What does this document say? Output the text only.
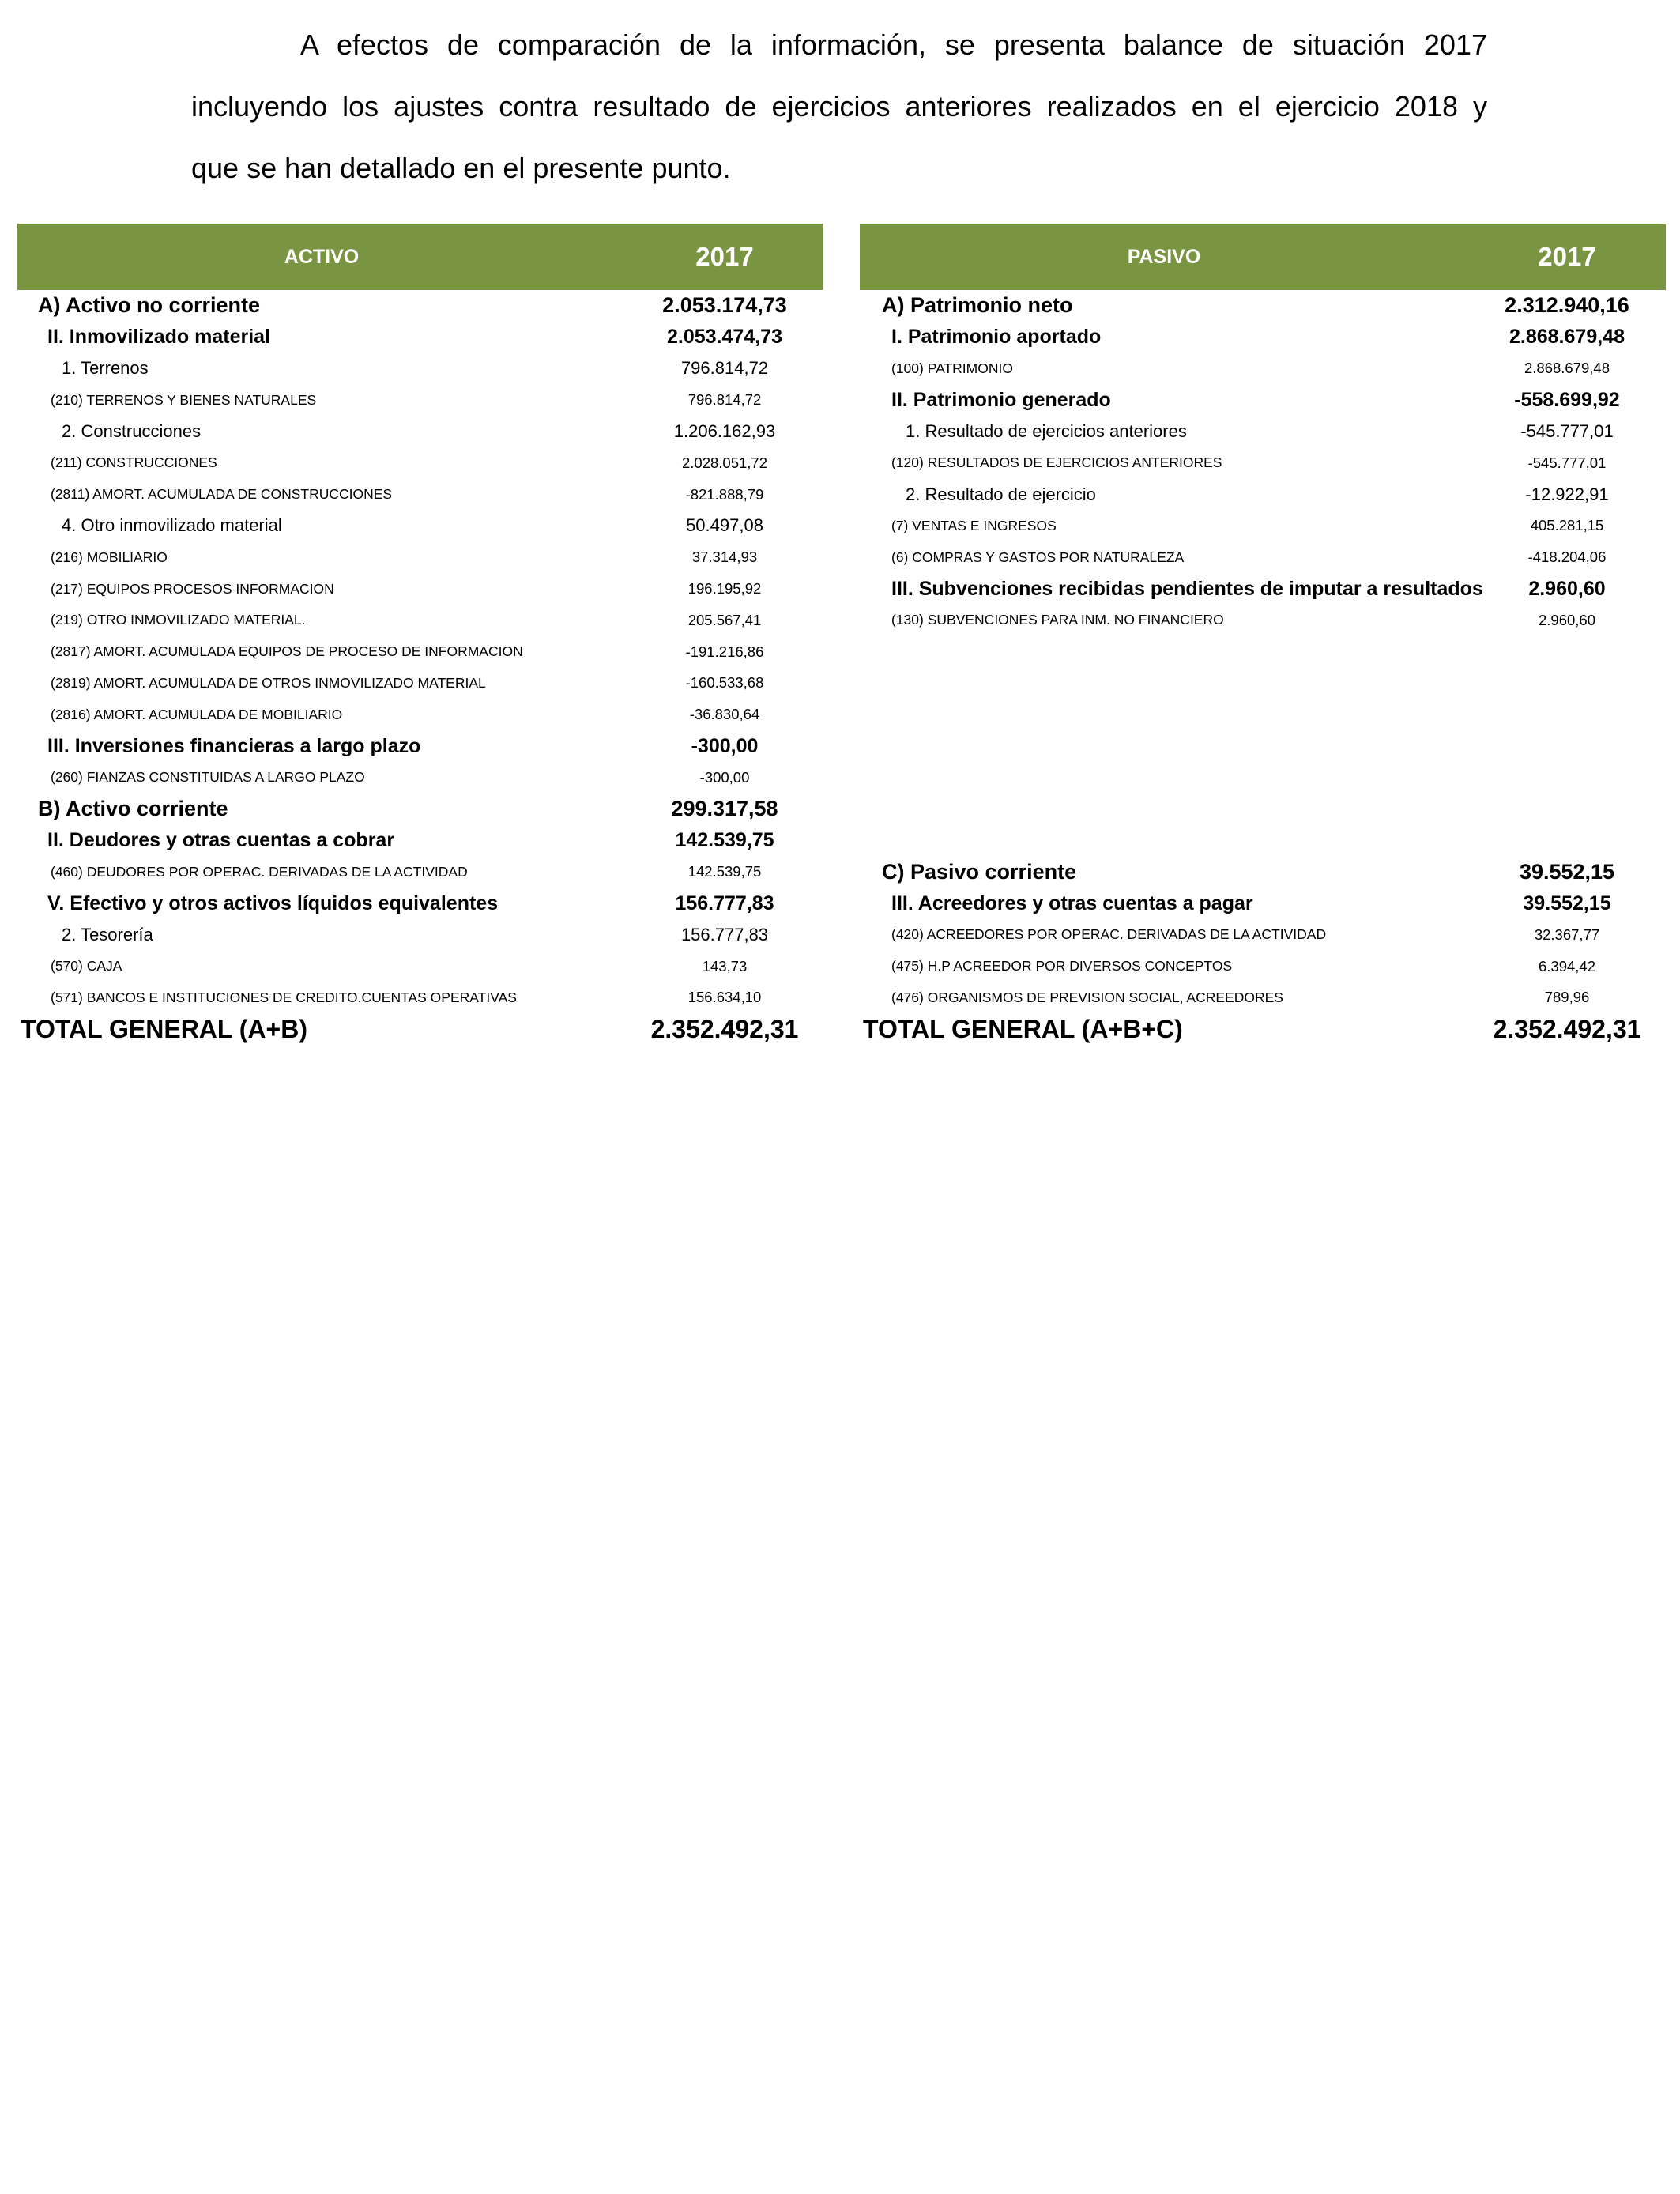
A efectos de comparación de la información, se presenta balance de situación 2017
incluyendo los ajustes contra resultado de ejercicios anteriores realizados en el ejercicio 2018 y
que se han detallado en el presente punto.
ACTIVO	2017
A) Activo no corriente	2.053.174,73
II. Inmovilizado material	2.053.474,73
1. Terrenos	796.814,72
(210) TERRENOS Y BIENES NATURALES	796.814,72
2. Construcciones	1.206.162,93
(211) CONSTRUCCIONES	2.028.051,72
(2811) AMORT. ACUMULADA DE CONSTRUCCIONES	-821.888,79
4. Otro inmovilizado material	50.497,08
(216) MOBILIARIO	37.314,93
(217) EQUIPOS PROCESOS INFORMACION	196.195,92
(219) OTRO INMOVILIZADO MATERIAL.	205.567,41
(2817) AMORT. ACUMULADA EQUIPOS DE PROCESO DE INFORMACION	-191.216,86
(2819) AMORT. ACUMULADA DE OTROS INMOVILIZADO MATERIAL	-160.533,68
(2816) AMORT. ACUMULADA DE MOBILIARIO	-36.830,64
III. Inversiones financieras a largo plazo	-300,00
(260) FIANZAS CONSTITUIDAS A LARGO PLAZO	-300,00
B) Activo corriente	299.317,58
II. Deudores y otras cuentas a cobrar	142.539,75
(460) DEUDORES POR OPERAC. DERIVADAS DE LA ACTIVIDAD	142.539,75
V. Efectivo y otros activos líquidos equivalentes	156.777,83
2. Tesorería	156.777,83
(570) CAJA	143,73
(571) BANCOS E INSTITUCIONES DE CREDITO.CUENTAS OPERATIVAS	156.634,10
TOTAL GENERAL (A+B)	2.352.492,31
PASIVO	2017
A) Patrimonio neto	2.312.940,16
I. Patrimonio aportado	2.868.679,48
(100) PATRIMONIO	2.868.679,48
II. Patrimonio generado	-558.699,92
1. Resultado de ejercicios anteriores	-545.777,01
(120) RESULTADOS DE EJERCICIOS ANTERIORES	-545.777,01
2. Resultado de ejercicio	-12.922,91
(7) VENTAS E INGRESOS	405.281,15
(6) COMPRAS Y GASTOS POR NATURALEZA	-418.204,06
III. Subvenciones recibidas pendientes de imputar a resultados	2.960,60
(130) SUBVENCIONES PARA INM. NO FINANCIERO	2.960,60
C) Pasivo corriente	39.552,15
III. Acreedores y otras cuentas a pagar	39.552,15
(420) ACREEDORES POR OPERAC. DERIVADAS DE LA ACTIVIDAD	32.367,77
(475) H.P ACREEDOR POR DIVERSOS CONCEPTOS	6.394,42
(476) ORGANISMOS DE PREVISION SOCIAL, ACREEDORES	789,96
TOTAL GENERAL (A+B+C)	2.352.492,31
